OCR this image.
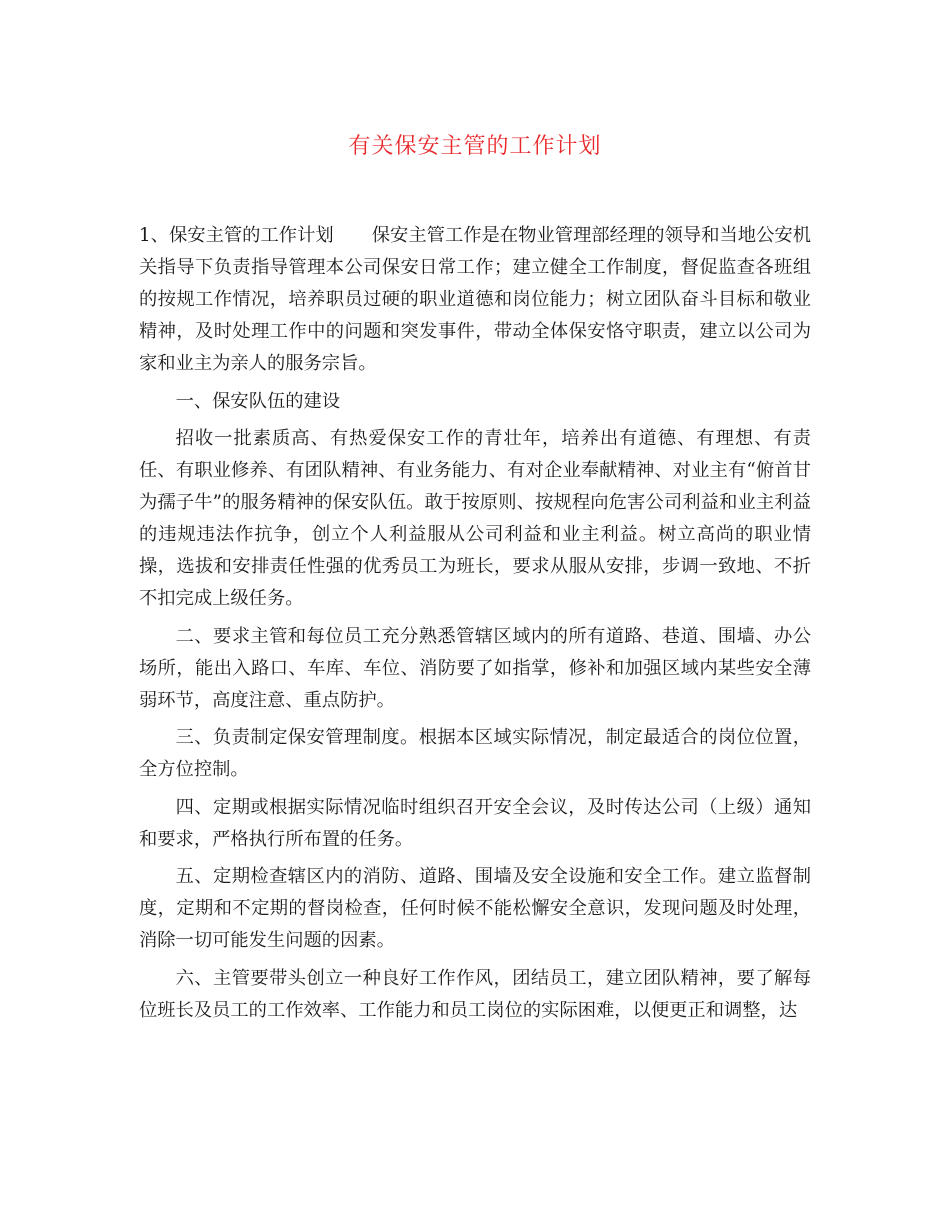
有关保安主管的工作计划

1、保安主管的工作计划 保安主管工作是在物业管理部经理的领导和当地公安机关指导下负责指导管理本公司保安日常工作；建立健全工作制度，督促监查各班组的按规工作情况，培养职员过硬的职业道德和岗位能力；树立团队奋斗目标和敬业精神，及时处理工作中的问题和突发事件，带动全体保安恪守职责，建立以公司为家和业主为亲人的服务宗旨。

一、保安队伍的建设

招收一批素质高、有热爱保安工作的青壮年，培养出有道德、有理想、有责任、有职业修养、有团队精神、有业务能力、有对企业奉献精神、对业主有“俯首甘为孺子牛”的服务精神的保安队伍。敢于按原则、按规程向危害公司利益和业主利益的违规违法作抗争，创立个人利益服从公司利益和业主利益。树立高尚的职业情操，选拔和安排责任性强的优秀员工为班长，要求从服从安排，步调一致地、不折不扣完成上级任务。

二、要求主管和每位员工充分熟悉管辖区域内的所有道路、巷道、围墙、办公场所，能出入路口、车库、车位、消防要了如指掌，修补和加强区域内某些安全薄弱环节，高度注意、重点防护。

三、负责制定保安管理制度。根据本区域实际情况，制定最适合的岗位位置，全方位控制。

四、定期或根据实际情况临时组织召开安全会议，及时传达公司（上级）通知和要求，严格执行所布置的任务。

五、定期检查辖区内的消防、道路、围墙及安全设施和安全工作。建立监督制度，定期和不定期的督岗检查，任何时候不能松懈安全意识，发现问题及时处理，消除一切可能发生问题的因素。

六、主管要带头创立一种良好工作作风，团结员工，建立团队精神，要了解每位班长及员工的工作效率、工作能力和员工岗位的实际困难，以便更正和调整，达
